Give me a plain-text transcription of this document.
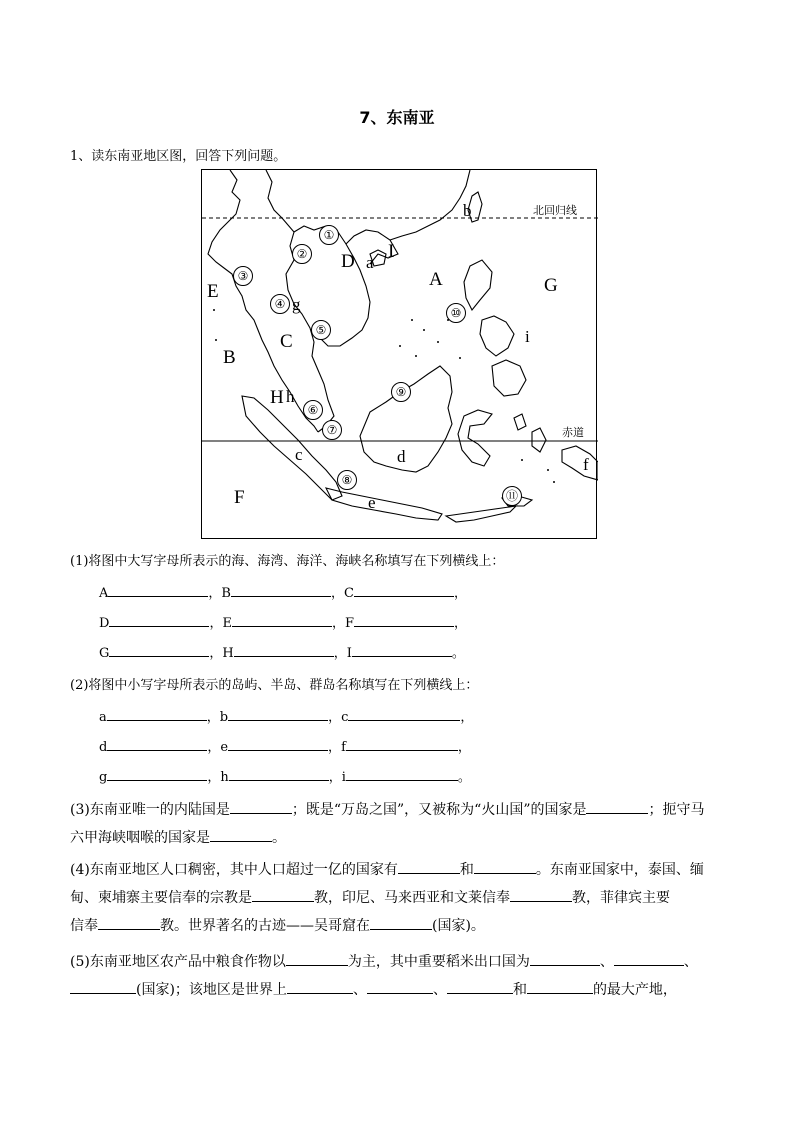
7、东南亚
1、读东南亚地区图，回答下列问题。
北回归线
赤道
A
B
C
D
E
F
G
H
I
a
b
c	d
e
f
g
h
i
①
②
③
④
⑤
⑥
⑦
⑧
⑨
⑩
⑪
(1)将图中大写字母所表示的海、海湾、海洋、海峡名称填写在下列横线上：
A	，B	，C	，
D	，E	，F	，
G	，H	，I	。
(2)将图中小写字母所表示的岛屿、半岛、群岛名称填写在下列横线上：
a	，b	，c	，
d	，e	，f	，
g	，h	，i	。
(3)东南亚唯一的内陆国是	；既是“万岛之国”，又被称为“火山国”的国家是	；扼守马
六甲海峡咽喉的国家是	。
(4)东南亚地区人口稠密，其中人口超过一亿的国家有	和	。东南亚国家中，泰国、缅
甸、柬埔寨主要信奉的宗教是	教，印尼、马来西亚和文莱信奉	教，菲律宾主要
信奉	教。世界著名的古迹——吴哥窟在	(国家)。
(5)东南亚地区农产品中粮食作物以	为主，其中重要稻米出口国为	、	、
(国家)；该地区是世界上	、	、	和	的最大产地，
